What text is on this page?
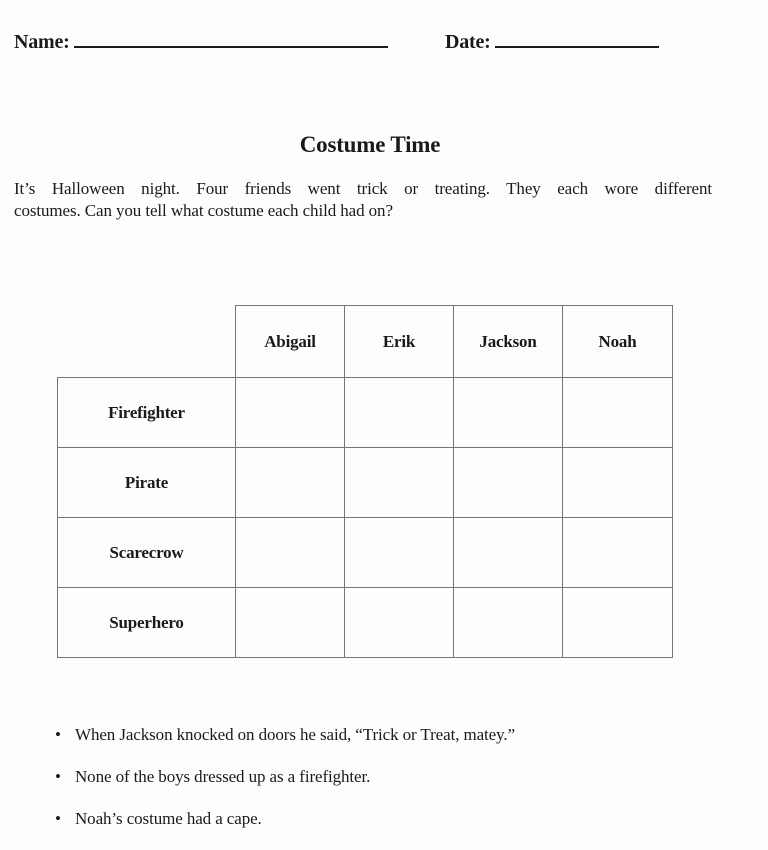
Name:	Date:
Costume Time
It’s Halloween night. Four friends went trick or treating. They each wore different
costumes. Can you tell what costume each child had on?
	Abigail	Erik	Jackson	Noah
Firefighter				
Pirate				
Scarecrow				
Superhero				
•
When Jackson knocked on doors he said, “Trick or Treat, matey.”
•
None of the boys dressed up as a firefighter.
•
Noah’s costume had a cape.
